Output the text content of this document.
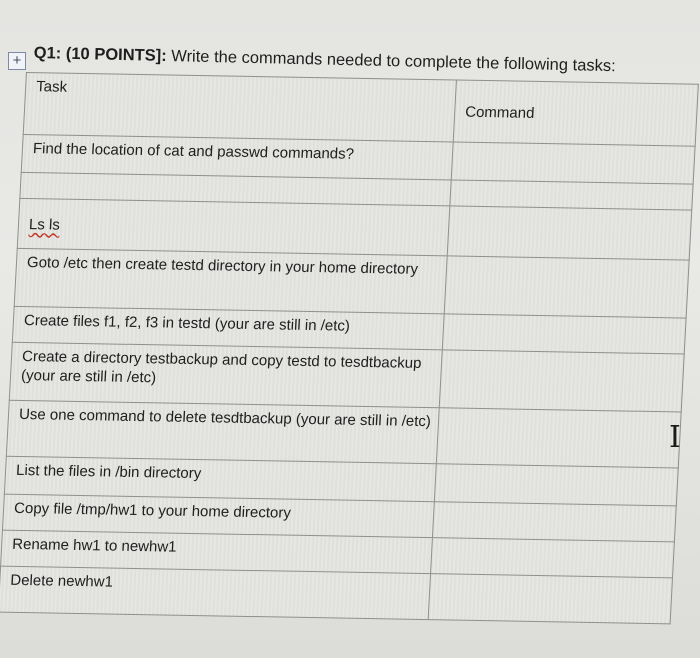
+ Q1: (10 POINTS]: Write the commands needed to complete the following tasks:
Task	Command
Find the location of cat and passwd commands?	

Ls ls	
Goto /etc then create testd directory in your home directory	
Create files f1, f2, f3 in testd (your are still in /etc)	
Create a directory testbackup and copy testd to tesdtbackup (your are still in /etc)	
Use one command to delete tesdtbackup (your are still in /etc)	
List the files in /bin directory	
Copy file /tmp/hw1 to your home directory	
Rename hw1 to newhw1	
Delete newhw1	
I
